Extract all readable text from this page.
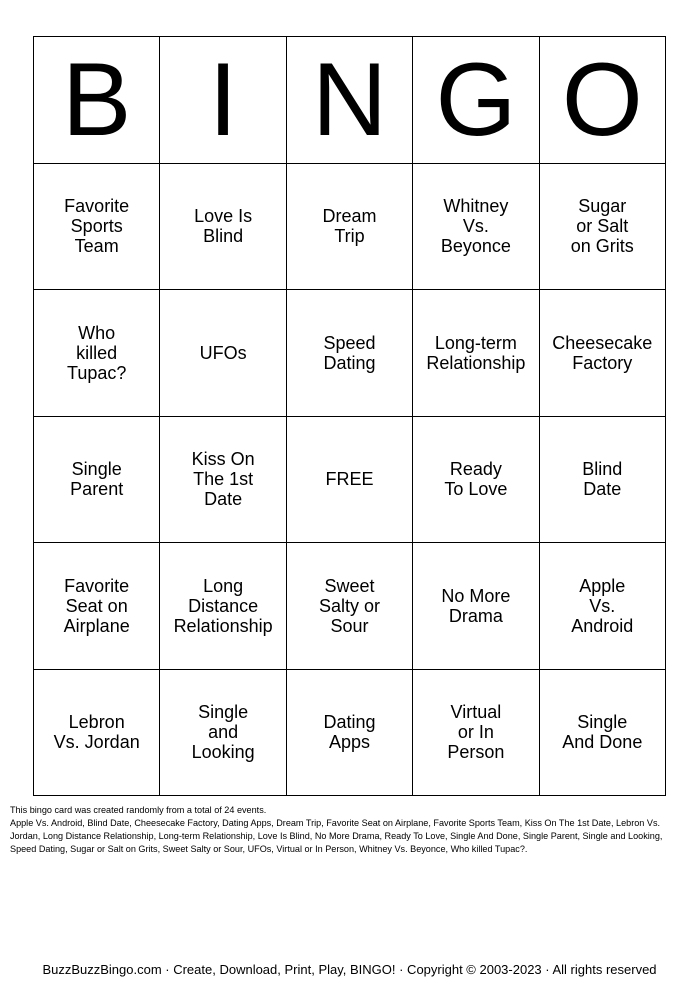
B I N G O
Favorite
Sports
Team
Love Is
Blind
Dream
Trip
Whitney
Vs.
Beyonce
Sugar
or Salt
on Grits
Who
killed
Tupac?
UFOs	Speed
Dating
Long-term
Relationship
Cheesecake
Factory
Single
Parent
Kiss On
The 1st
Date
FREE	Ready
To Love
Blind
Date
Favorite
Seat on
Airplane
Long
Distance
Relationship
Sweet
Salty or
Sour
No More
Drama
Apple
Vs.
Android
Lebron
Vs. Jordan
Single
and
Looking
Dating
Apps
Virtual
or In
Person
Single
And Done

This bingo card was created randomly from a total of 24 events.

Apple Vs. Android, Blind Date, Cheesecake Factory, Dating Apps, Dream Trip, Favorite Seat on Airplane, Favorite Sports Team, Kiss On The 1st Date, Lebron Vs. Jordan, Long Distance Relationship, Long-term Relationship, Love Is Blind, No More Drama, Ready To Love, Single And Done, Single Parent, Single and Looking, Speed Dating, Sugar or Salt on Grits, Sweet Salty or Sour, UFOs, Virtual or In Person, Whitney Vs. Beyonce, Who killed Tupac?.

BuzzBuzzBingo.com · Create, Download, Print, Play, BINGO! · Copyright © 2003-2023 · All rights reserved
